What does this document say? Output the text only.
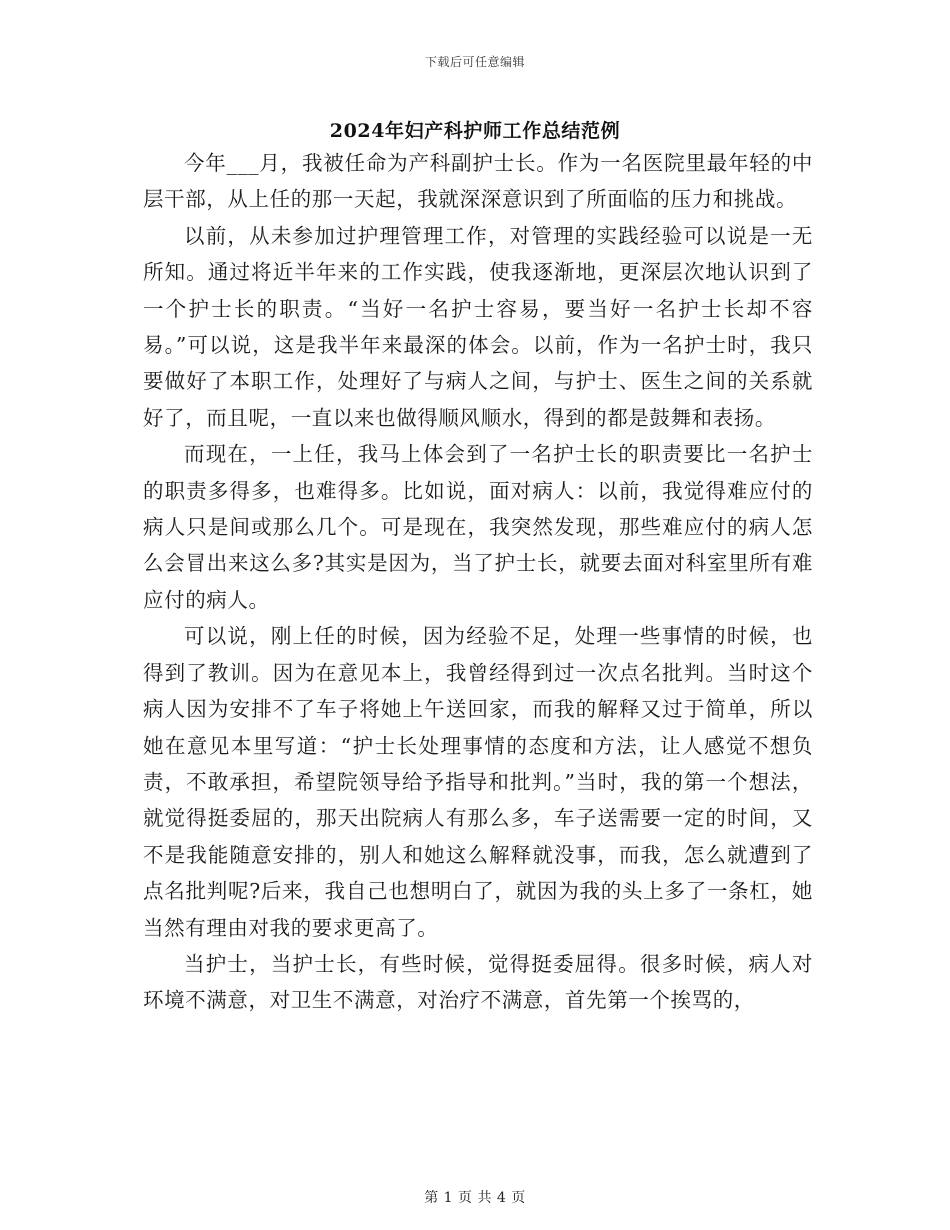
下载后可任意编辑
2024年妇产科护师工作总结范例

今年___月，我被任命为产科副护士长。作为一名医院里最年轻的中层干部，从上任的那一天起，我就深深意识到了所面临的压力和挑战。

以前，从未参加过护理管理工作，对管理的实践经验可以说是一无所知。通过将近半年来的工作实践，使我逐渐地，更深层次地认识到了一个护士长的职责。“当好一名护士容易，要当好一名护士长却不容易。”可以说，这是我半年来最深的体会。以前，作为一名护士时，我只要做好了本职工作，处理好了与病人之间，与护士、医生之间的关系就好了，而且呢，一直以来也做得顺风顺水，得到的都是鼓舞和表扬。

而现在，一上任，我马上体会到了一名护士长的职责要比一名护士的职责多得多，也难得多。比如说，面对病人：以前，我觉得难应付的病人只是间或那么几个。可是现在，我突然发现，那些难应付的病人怎么会冒出来这么多?其实是因为，当了护士长，就要去面对科室里所有难应付的病人。

可以说，刚上任的时候，因为经验不足，处理一些事情的时候，也得到了教训。因为在意见本上，我曾经得到过一次点名批判。当时这个病人因为安排不了车子将她上午送回家，而我的解释又过于简单，所以她在意见本里写道：“护士长处理事情的态度和方法，让人感觉不想负责，不敢承担，希望院领导给予指导和批判。”当时，我的第一个想法，就觉得挺委屈的，那天出院病人有那么多，车子送需要一定的时间，又不是我能随意安排的，别人和她这么解释就没事，而我，怎么就遭到了点名批判呢?后来，我自己也想明白了，就因为我的头上多了一条杠，她当然有理由对我的要求更高了。

当护士，当护士长，有些时候，觉得挺委屈得。很多时候，病人对环境不满意，对卫生不满意，对治疗不满意，首先第一个挨骂的，

第 1 页 共 4 页
